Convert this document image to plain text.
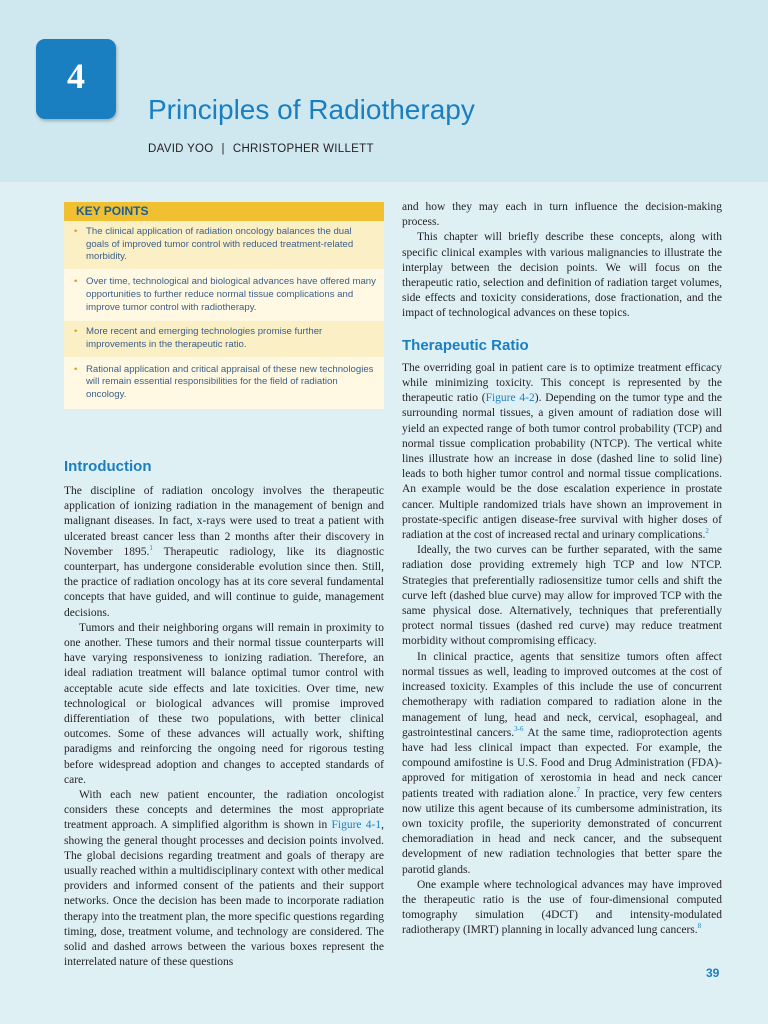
4
Principles of Radiotherapy
DAVID YOO | CHRISTOPHER WILLETT
KEY POINTS
• The clinical application of radiation oncology balances the dual goals of improved tumor control with reduced treatment-related morbidity.
• Over time, technological and biological advances have offered many opportunities to further reduce normal tissue complications and improve tumor control with radiotherapy.
• More recent and emerging technologies promise further improvements in the therapeutic ratio.
• Rational application and critical appraisal of these new technologies will remain essential responsibilities for the field of radiation oncology.
Introduction

The discipline of radiation oncology involves the therapeutic application of ionizing radiation in the management of benign and malignant diseases. In fact, x-rays were used to treat a patient with ulcerated breast cancer less than 2 months after their discovery in November 1895.$^1$ Therapeutic radiology, like its diagnostic counterpart, has undergone considerable evolution since then. Still, the practice of radiation oncology has at its core several fundamental concepts that have guided, and will continue to guide, management decisions.

Tumors and their neighboring organs will remain in proximity to one another. These tumors and their normal tissue counterparts will have varying responsiveness to ionizing radiation. Therefore, an ideal radiation treatment will balance optimal tumor control with acceptable acute side effects and late toxicities. Over time, new technological or biological advances will promise improved differentiation of these two populations, with better clinical outcomes. Some of these advances will actually work, shifting paradigms and reinforcing the ongoing need for rigorous testing before widespread adoption and changes to accepted standards of care.

With each new patient encounter, the radiation oncologist considers these concepts and determines the most appropriate treatment approach. A simplified algorithm is shown in Figure 4-1, showing the general thought processes and decision points involved. The global decisions regarding treatment and goals of therapy are usually reached within a multidisciplinary context with other medical providers and informed consent of the patients and their support networks. Once the decision has been made to incorporate radiation therapy into the treatment plan, the more specific questions regarding timing, dose, treatment volume, and technology are considered. The solid and dashed arrows between the various boxes represent the interrelated nature of these questions

and how they may each in turn influence the decision-making process.

This chapter will briefly describe these concepts, along with specific clinical examples with various malignancies to illustrate the interplay between the decision points. We will focus on the therapeutic ratio, selection and definition of radiation target volumes, side effects and toxicity considerations, dose fractionation, and the impact of technological advances on these topics.

Therapeutic Ratio

The overriding goal in patient care is to optimize treatment efficacy while minimizing toxicity. This concept is represented by the therapeutic ratio (Figure 4-2). Depending on the tumor type and the surrounding normal tissues, a given amount of radiation dose will yield an expected range of both tumor control probability (TCP) and normal tissue complication probability (NTCP). The vertical white lines illustrate how an increase in dose (dashed line to solid line) leads to both higher tumor control and normal tissue complications. An example would be the dose escalation experience in prostate cancer. Multiple randomized trials have shown an improvement in prostate-specific antigen disease-free survival with higher doses of radiation at the cost of increased rectal and urinary complications.$^2$

Ideally, the two curves can be further separated, with the same radiation dose providing extremely high TCP and low NTCP. Strategies that preferentially radiosensitize tumor cells and shift the curve left (dashed blue curve) may allow for improved TCP with the same physical dose. Alternatively, techniques that preferentially protect normal tissues (dashed red curve) may reduce treatment morbidity without compromising efficacy.

In clinical practice, agents that sensitize tumors often affect normal tissues as well, leading to improved outcomes at the cost of increased toxicity. Examples of this include the use of concurrent chemotherapy with radiation compared to radiation alone in the management of lung, head and neck, cervical, esophageal, and gastrointestinal cancers.$^{3-6}$ At the same time, radioprotection agents have had less clinical impact than expected. For example, the compound amifostine is U.S. Food and Drug Administration (FDA)-approved for mitigation of xerostomia in head and neck cancer patients treated with radiation alone.$^7$ In practice, very few centers now utilize this agent because of its cumbersome administration, its own toxicity profile, the superiority demonstrated of concurrent chemoradiation in head and neck cancer, and the subsequent development of new radiation technologies that better spare the parotid glands.

One example where technological advances may have improved the therapeutic ratio is the use of four-dimensional computed tomography simulation (4DCT) and intensity-modulated radiotherapy (IMRT) planning in locally advanced lung cancers.$^8$

39
